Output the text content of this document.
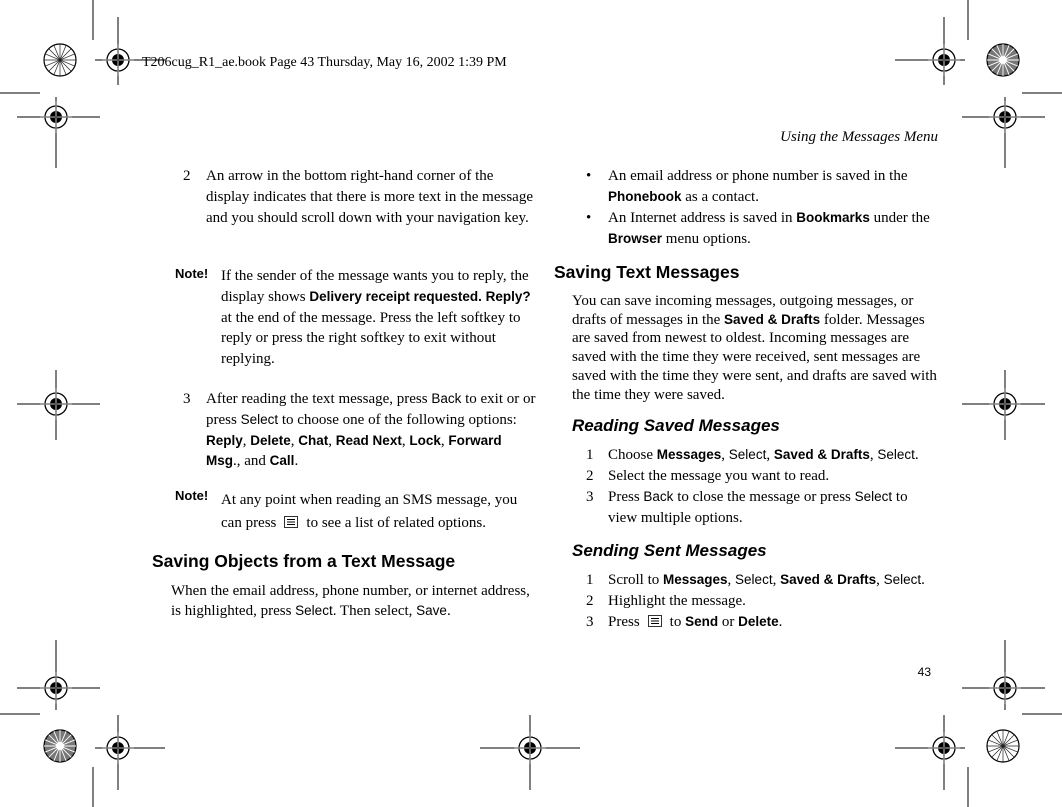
T206cug_R1_ae.book Page 43 Thursday, May 16, 2002 1:39 PM
Using the Messages Menu
43
2 An arrow in the bottom right-hand corner of the display indicates that there is more text in the message and you should scroll down with your navigation key.
Note! If the sender of the message wants you to reply, the display shows Delivery receipt requested. Reply? at the end of the message. Press the left softkey to reply or press the right softkey to exit without replying.
3 After reading the text message, press Back to exit or or press Select to choose one of the following options: Reply, Delete, Chat, Read Next, Lock, Forward Msg., and Call.
Note! At any point when reading an SMS message, you can press to see a list of related options.
Saving Objects from a Text Message
When the email address, phone number, or internet address, is highlighted, press Select. Then select, Save.
• An email address or phone number is saved in the Phonebook as a contact.
• An Internet address is saved in Bookmarks under the Browser menu options.
Saving Text Messages
You can save incoming messages, outgoing messages, or drafts of messages in the Saved & Drafts folder. Messages are saved from newest to oldest. Incoming messages are saved with the time they were received, sent messages are saved with the time they were sent, and drafts are saved with the time they were saved.
Reading Saved Messages
1 Choose Messages, Select, Saved & Drafts, Select.
2 Select the message you want to read.
3 Press Back to close the message or press Select to view multiple options.
Sending Sent Messages
1 Scroll to Messages, Select, Saved & Drafts, Select.
2 Highlight the message.
3 Press to Send or Delete.
